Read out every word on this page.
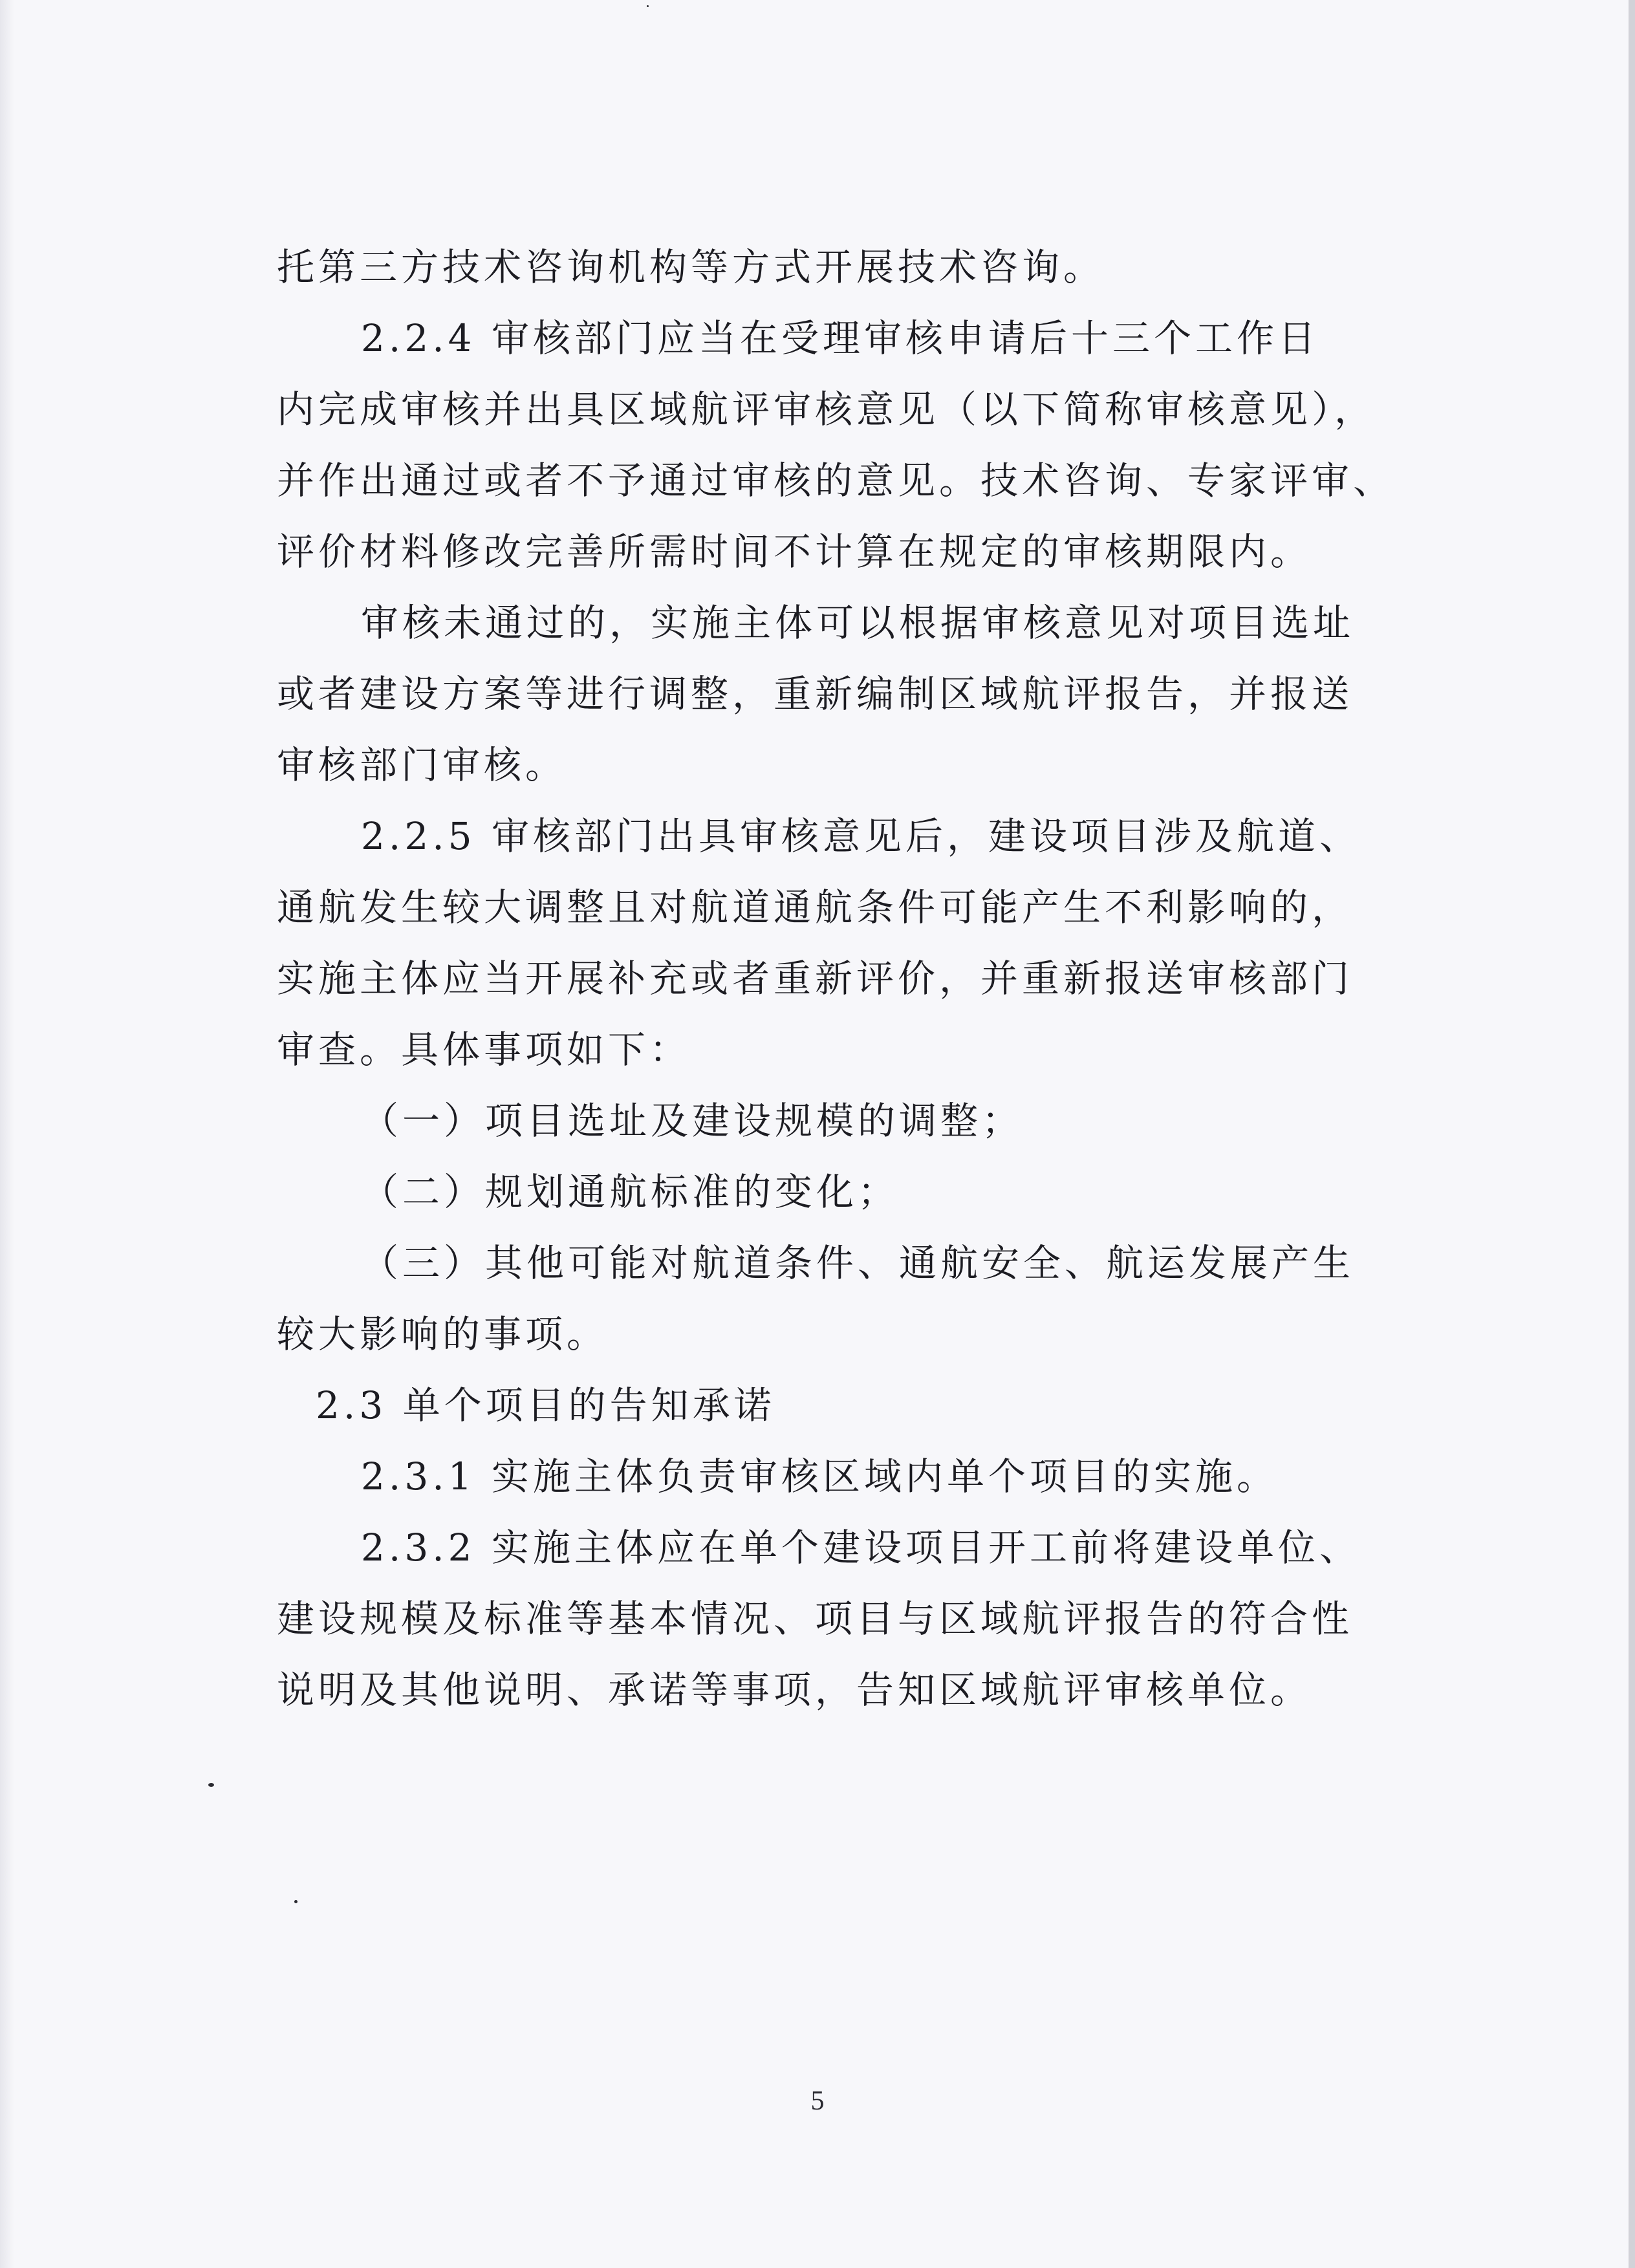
托第三方技术咨询机构等方式开展技术咨询。
2.2.4 审核部门应当在受理审核申请后十三个工作日
内完成审核并出具区域航评审核意见（以下简称审核意见），
并作出通过或者不予通过审核的意见。技术咨询、专家评审、
评价材料修改完善所需时间不计算在规定的审核期限内。
审核未通过的，实施主体可以根据审核意见对项目选址
或者建设方案等进行调整，重新编制区域航评报告，并报送
审核部门审核。
2.2.5 审核部门出具审核意见后，建设项目涉及航道、
通航发生较大调整且对航道通航条件可能产生不利影响的，
实施主体应当开展补充或者重新评价，并重新报送审核部门
审查。具体事项如下：
（一）项目选址及建设规模的调整；
（二）规划通航标准的变化；
（三）其他可能对航道条件、通航安全、航运发展产生
较大影响的事项。
2.3 单个项目的告知承诺
2.3.1 实施主体负责审核区域内单个项目的实施。
2.3.2 实施主体应在单个建设项目开工前将建设单位、
建设规模及标准等基本情况、项目与区域航评报告的符合性
说明及其他说明、承诺等事项，告知区域航评审核单位。
5
